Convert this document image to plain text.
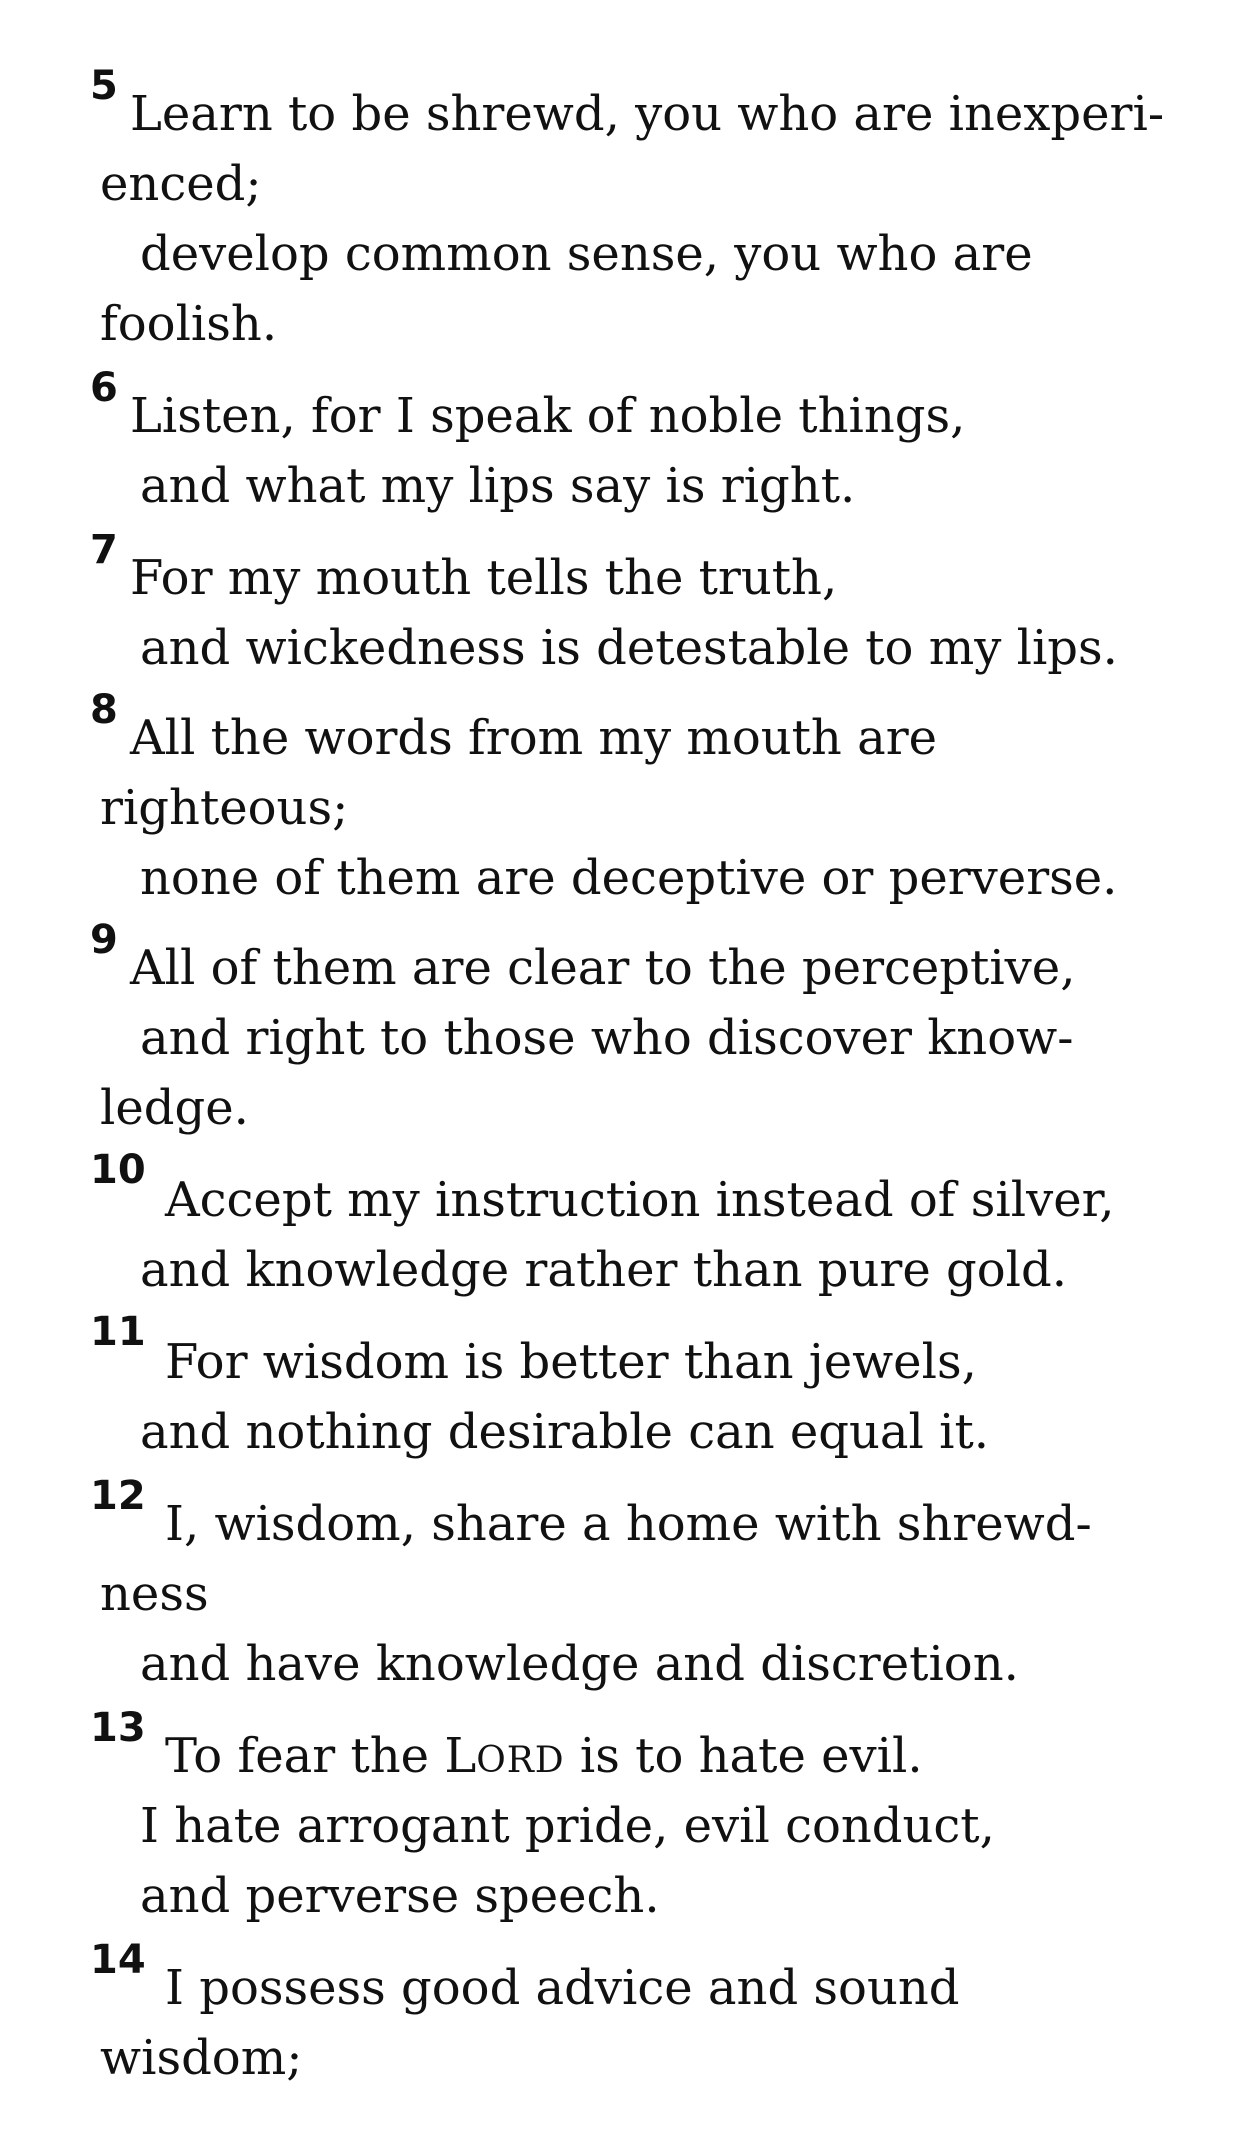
5 Learn to be shrewd, you who are inexperi-

enced;

develop common sense, you who are

foolish.

6 Listen, for I speak of noble things,

and what my lips say is right.

7 For my mouth tells the truth,

and wickedness is detestable to my lips.

8 All the words from my mouth are

righteous;

none of them are deceptive or perverse.

9 All of them are clear to the perceptive,

and right to those who discover know-

ledge.

10

Accept my instruction instead of silver,

and knowledge rather than pure gold.

11

For wisdom is better than jewels,

and nothing desirable can equal it.

12 I, wisdom, share a home with shrewd-

ness

and have knowledge and discretion.

13 To fear the LORD is to hate evil.

I hate arrogant pride, evil conduct,

and perverse speech.

14 I possess good advice and sound

wisdom;
